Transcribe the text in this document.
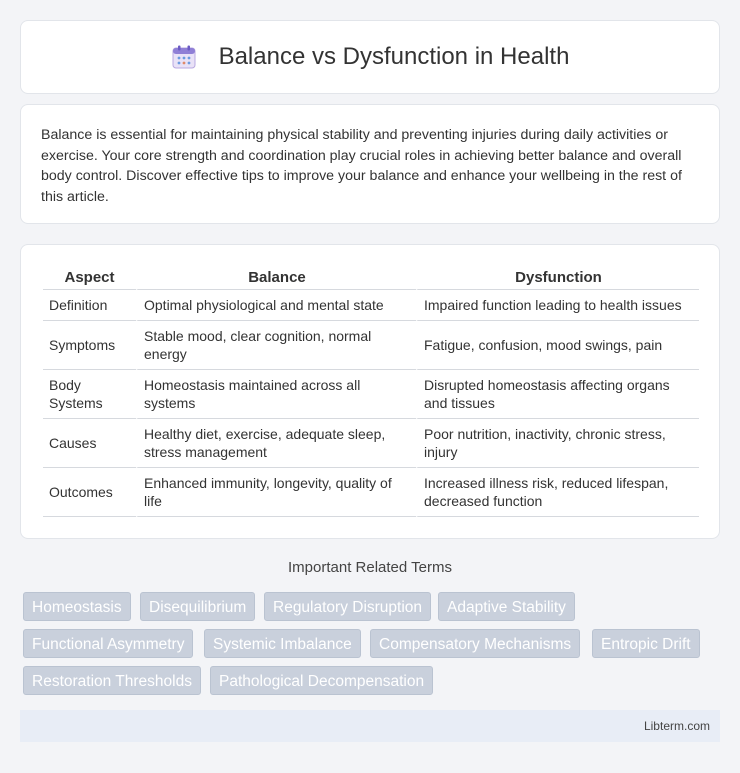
Balance vs Dysfunction in Health

Balance is essential for maintaining physical stability and preventing injuries during daily activities or exercise. Your core strength and coordination play crucial roles in achieving better balance and overall body control. Discover effective tips to improve your balance and enhance your wellbeing in the rest of this article.

Aspect	Balance	Dysfunction
Definition	Optimal physiological and mental state	Impaired function leading to health issues
Symptoms	Stable mood, clear cognition, normal energy	Fatigue, confusion, mood swings, pain
Body Systems	Homeostasis maintained across all systems	Disrupted homeostasis affecting organs and tissues
Causes	Healthy diet, exercise, adequate sleep, stress management	Poor nutrition, inactivity, chronic stress, injury
Outcomes	Enhanced immunity, longevity, quality of life	Increased illness risk, reduced lifespan, decreased function
Important Related Terms
Homeostasis	Disequilibrium	Regulatory Disruption	Adaptive Stability
Functional Asymmetry	Systemic Imbalance	Compensatory Mechanisms	Entropic Drift
Restoration Thresholds	Pathological Decompensation
Libterm.com
